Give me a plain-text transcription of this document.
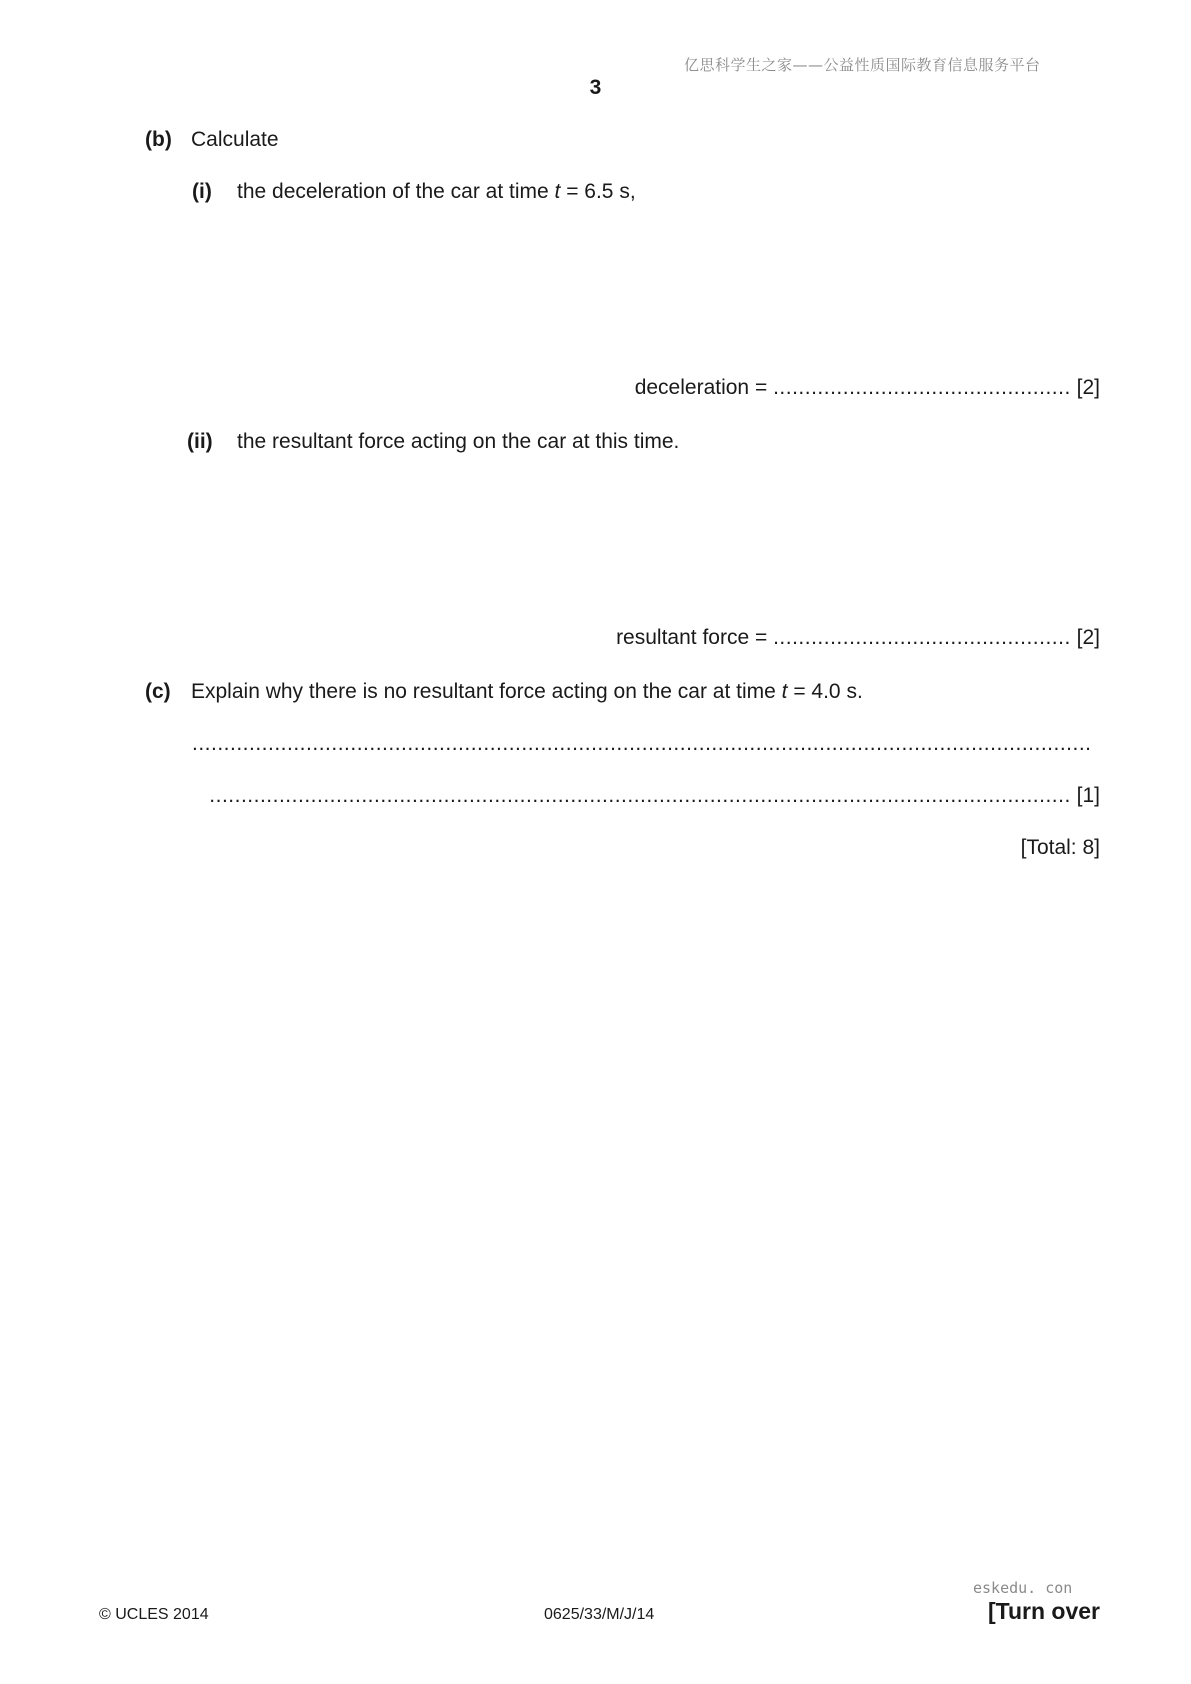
亿思科学生之家——公益性质国际教育信息服务平台
3
(b) Calculate
(i) the deceleration of the car at time t = 6.5 s,
deceleration = ............................................... [2]
(ii) the resultant force acting on the car at this time.
resultant force = ............................................... [2]
(c) Explain why there is no resultant force acting on the car at time t = 4.0 s.
..............................................................................................................................................
........................................................................................................................................ [1]
[Total: 8]
eskedu. con
© UCLES 2014	0625/33/M/J/14	[Turn over
